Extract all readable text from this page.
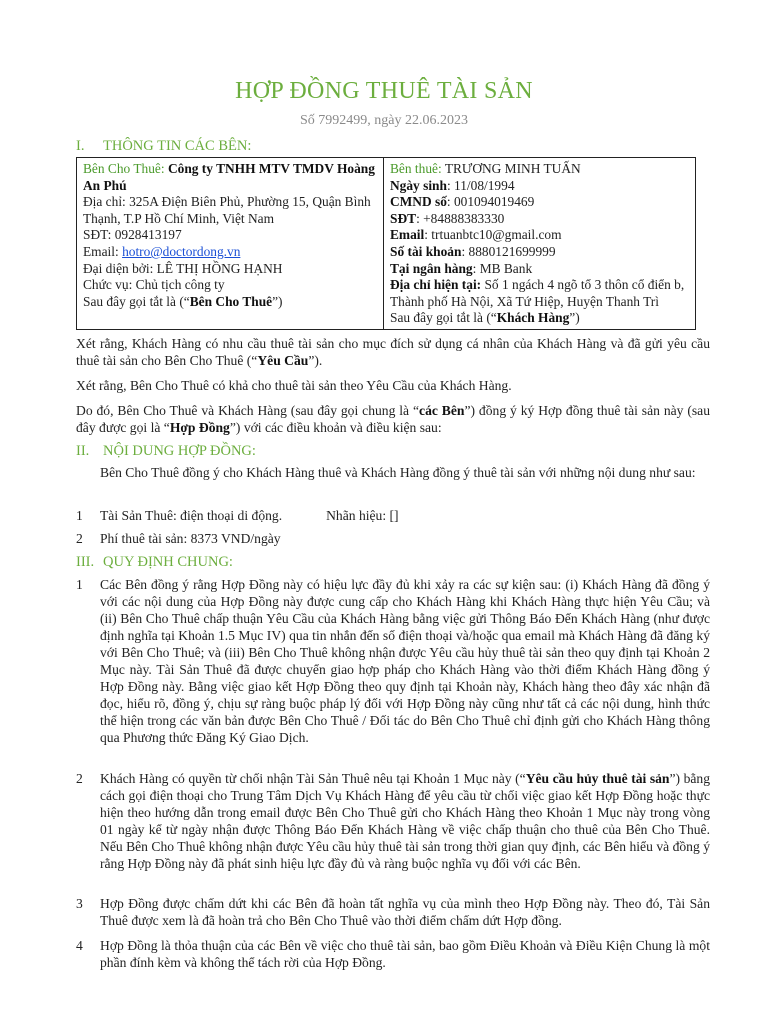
HỢP ĐỒNG THUÊ TÀI SẢN
Số 7992499, ngày 22.06.2023
I. THÔNG TIN CÁC BÊN:
Bên Cho Thuê: Công ty TNHH MTV TMDV Hoàng An Phú
Địa chỉ: 325A Điện Biên Phủ, Phường 15, Quận Bình Thạnh, T.P Hồ Chí Minh, Việt Nam
SĐT: 0928413197
Email: hotro@doctordong.vn
Đại diện bởi: LÊ THỊ HỒNG HẠNH
Chức vụ: Chủ tịch công ty
Sau đây gọi tắt là (“Bên Cho Thuê”)

Bên thuê: TRƯƠNG MINH TUẤN
Ngày sinh: 11/08/1994
CMND số: 001094019469
SĐT: +84888383330
Email: trtuanbtc10@gmail.com
Số tài khoản: 8880121699999
Tại ngân hàng: MB Bank
Địa chỉ hiện tại: Số 1 ngách 4 ngõ tổ 3 thôn cổ điển b, Thành phố Hà Nội, Xã Tứ Hiệp, Huyện Thanh Trì
Sau đây gọi tắt là (“Khách Hàng”)
Xét rằng, Khách Hàng có nhu cầu thuê tài sản cho mục đích sử dụng cá nhân của Khách Hàng và đã gửi yêu cầu thuê tài sản cho Bên Cho Thuê (“Yêu Cầu”).
Xét rằng, Bên Cho Thuê có khả cho thuê tài sản theo Yêu Cầu của Khách Hàng.
Do đó, Bên Cho Thuê và Khách Hàng (sau đây gọi chung là “các Bên”) đồng ý ký Hợp đồng thuê tài sản này (sau đây được gọi là “Hợp Đồng”) với các điều khoản và điều kiện sau:
II. NỘI DUNG HỢP ĐỒNG:
Bên Cho Thuê đồng ý cho Khách Hàng thuê và Khách Hàng đồng ý thuê tài sản với những nội dung như sau:
1 Tài Sản Thuê: điện thoại di động.	Nhãn hiệu: []
2 Phí thuê tài sản: 8373 VND/ngày
III. QUY ĐỊNH CHUNG:
1 Các Bên đồng ý rằng Hợp Đồng này có hiệu lực đầy đủ khi xảy ra các sự kiện sau: (i) Khách Hàng đã đồng ý với các nội dung của Hợp Đồng này được cung cấp cho Khách Hàng khi Khách Hàng thực hiện Yêu Cầu; và (ii) Bên Cho Thuê chấp thuận Yêu Cầu của Khách Hàng bằng việc gửi Thông Báo Đến Khách Hàng (như được định nghĩa tại Khoản 1.5 Mục IV) qua tin nhắn đến số điện thoại và/hoặc qua email mà Khách Hàng đã đăng ký với Bên Cho Thuê; và (iii) Bên Cho Thuê không nhận được Yêu cầu hủy thuê tài sản theo quy định tại Khoản 2 Mục này. Tài Sản Thuê đã được chuyển giao hợp pháp cho Khách Hàng vào thời điểm Khách Hàng đồng ý Hợp Đồng này. Bằng việc giao kết Hợp Đồng theo quy định tại Khoản này, Khách hàng theo đây xác nhận đã đọc, hiểu rõ, đồng ý, chịu sự ràng buộc pháp lý đối với Hợp Đồng này cũng như tất cả các nội dung, hình thức thể hiện trong các văn bản được Bên Cho Thuê / Đối tác do Bên Cho Thuê chỉ định gửi cho Khách Hàng thông qua Phương thức Đăng Ký Giao Dịch.
2 Khách Hàng có quyền từ chối nhận Tài Sản Thuê nêu tại Khoản 1 Mục này (“Yêu cầu hủy thuê tài sản”) bằng cách gọi điện thoại cho Trung Tâm Dịch Vụ Khách Hàng để yêu cầu từ chối việc giao kết Hợp Đồng hoặc thực hiện theo hướng dẫn trong email được Bên Cho Thuê gửi cho Khách Hàng theo Khoản 1 Mục này trong vòng 01 ngày kể từ ngày nhận được Thông Báo Đến Khách Hàng về việc chấp thuận cho thuê của Bên Cho Thuê. Nếu Bên Cho Thuê không nhận được Yêu cầu hủy thuê tài sản trong thời gian quy định, các Bên hiểu và đồng ý rằng Hợp Đồng này đã phát sinh hiệu lực đầy đủ và ràng buộc nghĩa vụ đối với các Bên.
3 Hợp Đồng được chấm dứt khi các Bên đã hoàn tất nghĩa vụ của mình theo Hợp Đồng này. Theo đó, Tài Sản Thuê được xem là đã hoàn trả cho Bên Cho Thuê vào thời điểm chấm dứt Hợp đồng.
4 Hợp Đồng là thỏa thuận của các Bên về việc cho thuê tài sản, bao gồm Điều Khoản và Điều Kiện Chung là một phần đính kèm và không thể tách rời của Hợp Đồng.
